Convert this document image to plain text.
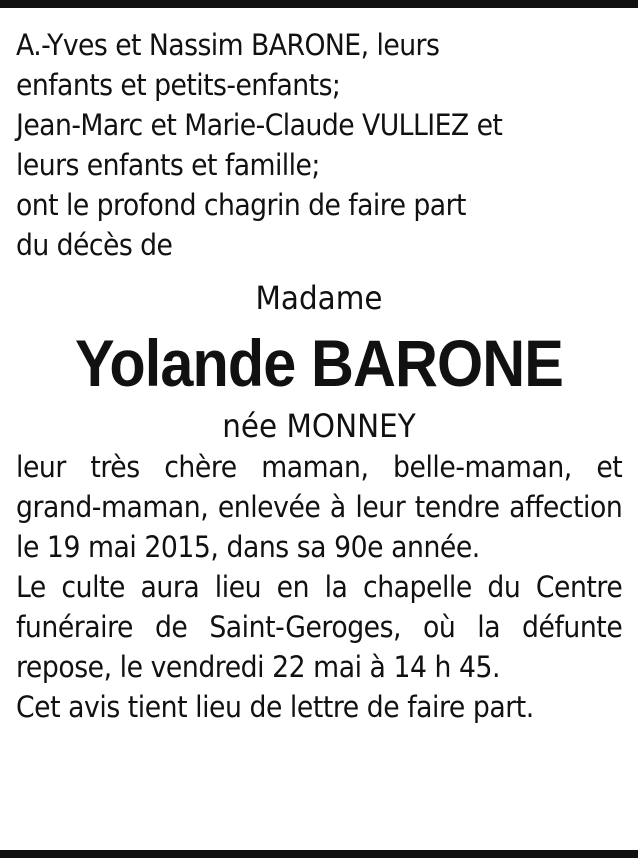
A.-Yves et Nassim BARONE, leurs
enfants et petits-enfants;
Jean-Marc et Marie-Claude VULLIEZ et
leurs enfants et famille;
ont le profond chagrin de faire part
du décès de
Madame
Yolande BARONE
née MONNEY

leur très chère maman, belle-maman, et grand-maman, enlevée à leur tendre affection le 19 mai 2015, dans sa 90e année.

Le culte aura lieu en la chapelle du Centre funéraire de Saint-Geroges, où la défunte repose, le vendredi 22 mai à 14 h 45.

Cet avis tient lieu de lettre de faire part.
